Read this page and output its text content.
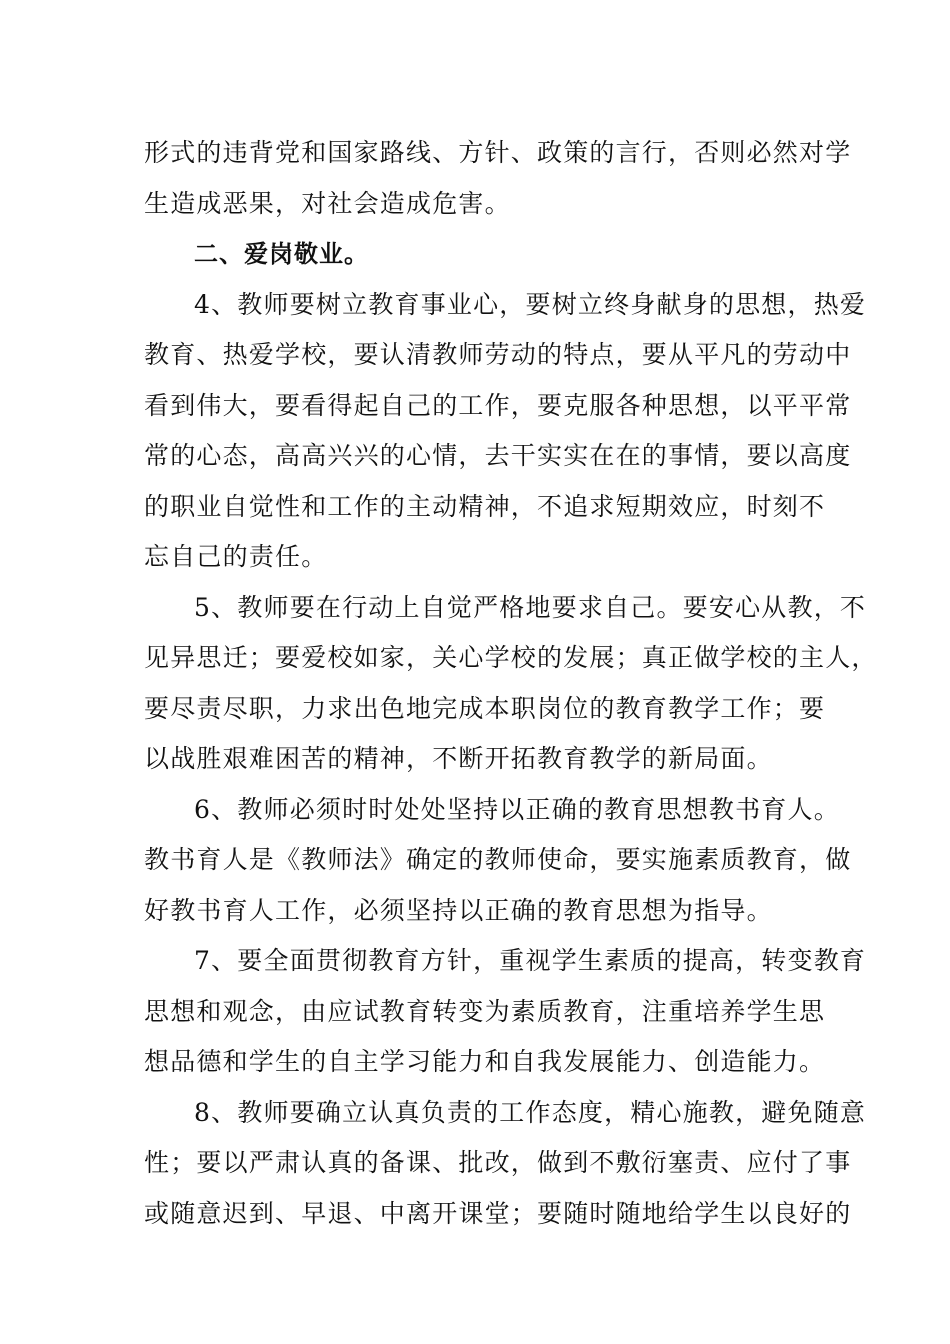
形式的违背党和国家路线、方针、政策的言行，否则必然对学
生造成恶果，对社会造成危害。

二、爱岗敬业。

4、教师要树立教育事业心，要树立终身献身的思想，热爱
教育、热爱学校，要认清教师劳动的特点，要从平凡的劳动中
看到伟大，要看得起自己的工作，要克服各种思想，以平平常
常的心态，高高兴兴的心情，去干实实在在的事情，要以高度
的职业自觉性和工作的主动精神，不追求短期效应，时刻不
忘自己的责任。

5、教师要在行动上自觉严格地要求自己。要安心从教，不
见异思迁；要爱校如家，关心学校的发展；真正做学校的主人，
要尽责尽职，力求出色地完成本职岗位的教育教学工作；要
以战胜艰难困苦的精神，不断开拓教育教学的新局面。

6、教师必须时时处处坚持以正确的教育思想教书育人。
教书育人是《教师法》确定的教师使命，要实施素质教育，做
好教书育人工作，必须坚持以正确的教育思想为指导。

7、要全面贯彻教育方针，重视学生素质的提高，转变教育
思想和观念，由应试教育转变为素质教育，注重培养学生思
想品德和学生的自主学习能力和自我发展能力、创造能力。

8、教师要确立认真负责的工作态度，精心施教，避免随意
性；要以严肃认真的备课、批改，做到不敷衍塞责、应付了事
或随意迟到、早退、中离开课堂；要随时随地给学生以良好的
